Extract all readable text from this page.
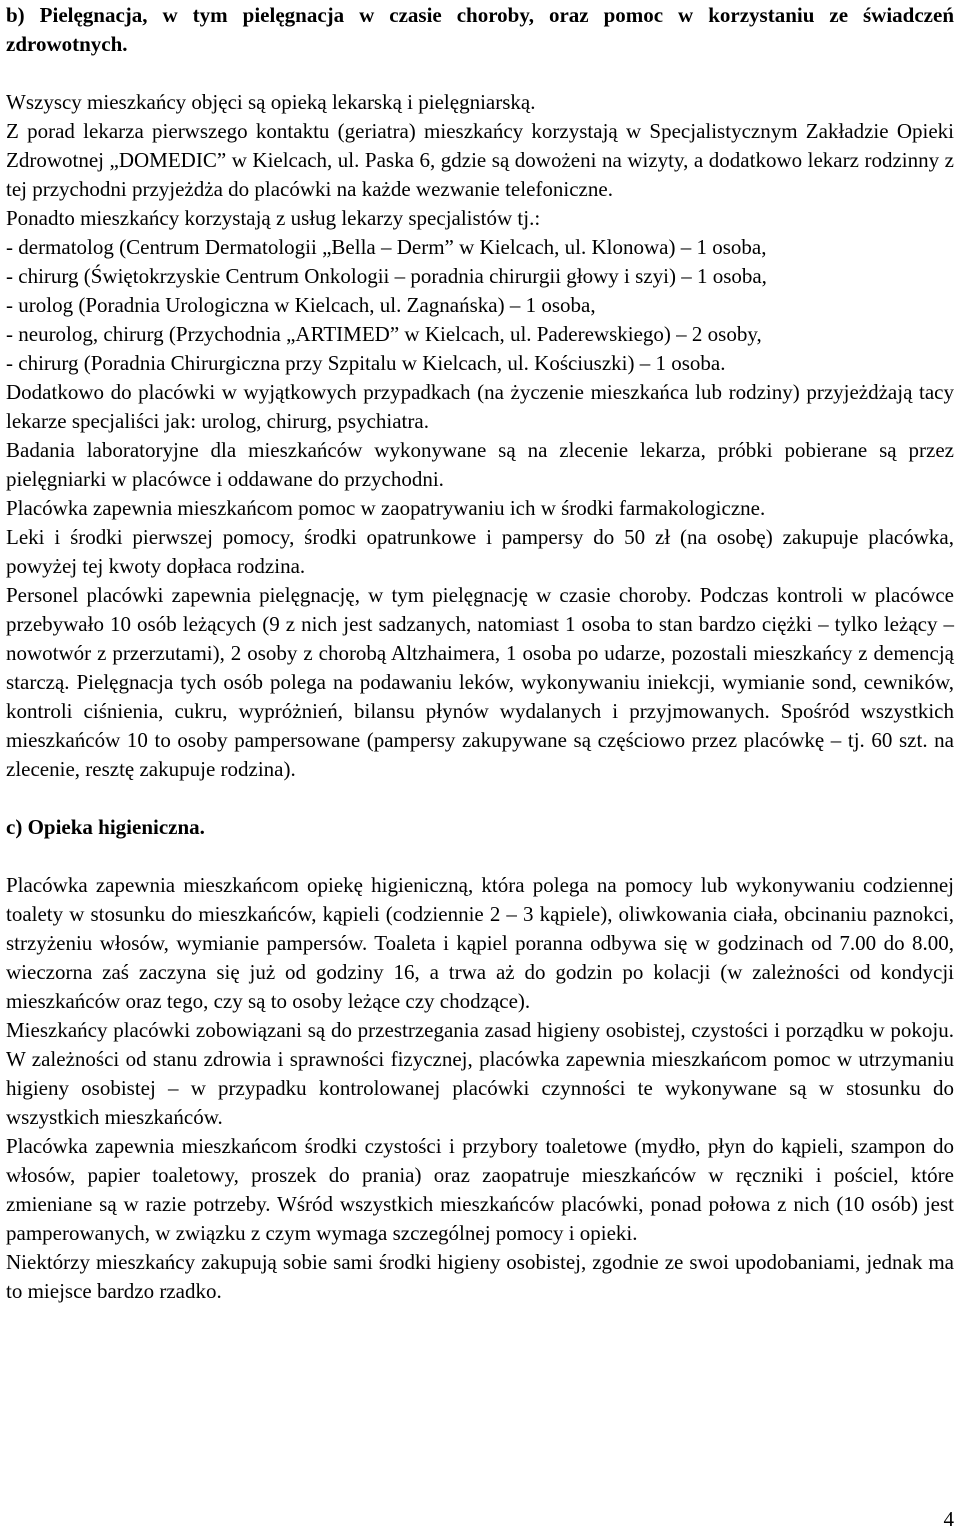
b) Pielęgnacja, w tym pielęgnacja w czasie choroby, oraz pomoc w korzystaniu ze świadczeń zdrowotnych.

Wszyscy mieszkańcy objęci są opieką lekarską i pielęgniarską.

Z porad lekarza pierwszego kontaktu (geriatra) mieszkańcy korzystają w Specjalistycznym Zakładzie Opieki Zdrowotnej „DOMEDIC” w Kielcach, ul. Paska 6, gdzie są dowożeni na wizyty, a dodatkowo lekarz rodzinny z tej przychodni przyjeżdża do placówki na każde wezwanie telefoniczne.

Ponadto mieszkańcy korzystają z usług lekarzy specjalistów tj.:

- dermatolog (Centrum Dermatologii „Bella – Derm” w Kielcach, ul. Klonowa) – 1 osoba,
- chirurg (Świętokrzyskie Centrum Onkologii – poradnia chirurgii głowy i szyi) – 1 osoba,
- urolog (Poradnia Urologiczna w Kielcach, ul. Zagnańska) – 1 osoba,
- neurolog, chirurg (Przychodnia „ARTIMED” w Kielcach, ul. Paderewskiego) – 2 osoby,
- chirurg (Poradnia Chirurgiczna przy Szpitalu w Kielcach, ul. Kościuszki) – 1 osoba.

Dodatkowo do placówki w wyjątkowych przypadkach (na życzenie mieszkańca lub rodziny) przyjeżdżają tacy lekarze specjaliści jak: urolog, chirurg, psychiatra.

Badania laboratoryjne dla mieszkańców wykonywane są na zlecenie lekarza, próbki pobierane są przez pielęgniarki w placówce i oddawane do przychodni.

Placówka zapewnia mieszkańcom pomoc w zaopatrywaniu ich w środki farmakologiczne.

Leki i środki pierwszej pomocy, środki opatrunkowe i pampersy do 50 zł (na osobę) zakupuje placówka, powyżej tej kwoty dopłaca rodzina.

Personel placówki zapewnia pielęgnację, w tym pielęgnację w czasie choroby. Podczas kontroli w placówce przebywało 10 osób leżących (9 z nich jest sadzanych, natomiast 1 osoba to stan bardzo ciężki – tylko leżący – nowotwór z przerzutami), 2 osoby z chorobą Altzhaimera, 1 osoba po udarze, pozostali mieszkańcy z demencją starczą. Pielęgnacja tych osób polega na podawaniu leków, wykonywaniu iniekcji, wymianie sond, cewników, kontroli ciśnienia, cukru, wypróżnień, bilansu płynów wydalanych i przyjmowanych. Spośród wszystkich mieszkańców 10 to osoby pampersowane (pampersy zakupywane są częściowo przez placówkę – tj. 60 szt. na zlecenie, resztę zakupuje rodzina).

c) Opieka higieniczna.

Placówka zapewnia mieszkańcom opiekę higieniczną, która polega na pomocy lub wykonywaniu codziennej toalety w stosunku do mieszkańców, kąpieli (codziennie 2 – 3 kąpiele), oliwkowania ciała, obcinaniu paznokci, strzyżeniu włosów, wymianie pampersów. Toaleta i kąpiel poranna odbywa się w godzinach od 7.00 do 8.00, wieczorna zaś zaczyna się już od godziny 16, a trwa aż do godzin po kolacji (w zależności od kondycji mieszkańców oraz tego, czy są to osoby leżące czy chodzące).

Mieszkańcy placówki zobowiązani są do przestrzegania zasad higieny osobistej, czystości i porządku w pokoju. W zależności od stanu zdrowia i sprawności fizycznej, placówka zapewnia mieszkańcom pomoc w utrzymaniu higieny osobistej – w przypadku kontrolowanej placówki czynności te wykonywane są w stosunku do wszystkich mieszkańców.

Placówka zapewnia mieszkańcom środki czystości i przybory toaletowe (mydło, płyn do kąpieli, szampon do włosów, papier toaletowy, proszek do prania) oraz zaopatruje mieszkańców w ręczniki i pościel, które zmieniane są w razie potrzeby. Wśród wszystkich mieszkańców placówki, ponad połowa z nich (10 osób) jest pamperowanych, w związku z czym wymaga szczególnej pomocy i opieki.

Niektórzy mieszkańcy zakupują sobie sami środki higieny osobistej, zgodnie ze swoi upodobaniami, jednak ma to miejsce bardzo rzadko.

4
